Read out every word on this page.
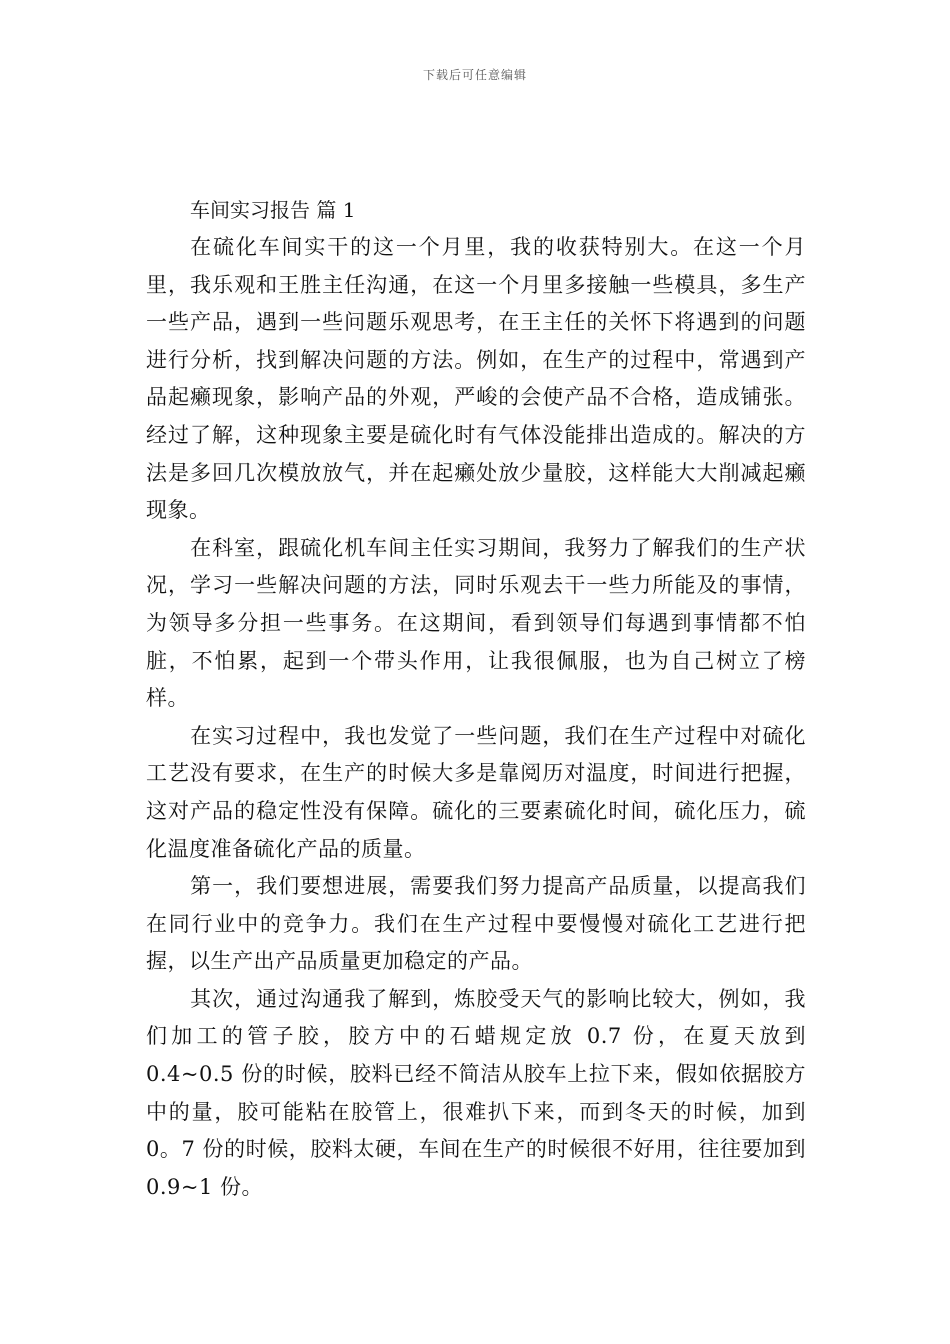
下载后可任意编辑
车间实习报告 篇 1

在硫化车间实干的这一个月里，我的收获特别大。在这一个月里，我乐观和王胜主任沟通，在这一个月里多接触一些模具，多生产一些产品，遇到一些问题乐观思考，在王主任的关怀下将遇到的问题进行分析，找到解决问题的方法。例如，在生产的过程中，常遇到产品起癞现象，影响产品的外观，严峻的会使产品不合格，造成铺张。经过了解，这种现象主要是硫化时有气体没能排出造成的。解决的方法是多回几次模放放气，并在起癞处放少量胶，这样能大大削减起癞现象。

在科室，跟硫化机车间主任实习期间，我努力了解我们的生产状况，学习一些解决问题的方法，同时乐观去干一些力所能及的事情，为领导多分担一些事务。在这期间，看到领导们每遇到事情都不怕脏，不怕累，起到一个带头作用，让我很佩服，也为自己树立了榜样。

在实习过程中，我也发觉了一些问题，我们在生产过程中对硫化工艺没有要求，在生产的时候大多是靠阅历对温度，时间进行把握，这对产品的稳定性没有保障。硫化的三要素硫化时间，硫化压力，硫化温度准备硫化产品的质量。

第一，我们要想进展，需要我们努力提高产品质量，以提高我们在同行业中的竞争力。我们在生产过程中要慢慢对硫化工艺进行把握，以生产出产品质量更加稳定的产品。

其次，通过沟通我了解到，炼胶受天气的影响比较大，例如，我们加工的管子胶，胶方中的石蜡规定放 0.7 份，在夏天放到 0.4~0.5 份的时候，胶料已经不简洁从胶车上拉下来，假如依据胶方中的量，胶可能粘在胶管上，很难扒下来，而到冬天的时候，加到 0。7 份的时候，胶料太硬，车间在生产的时候很不好用，往往要加到 0.9~1 份。
